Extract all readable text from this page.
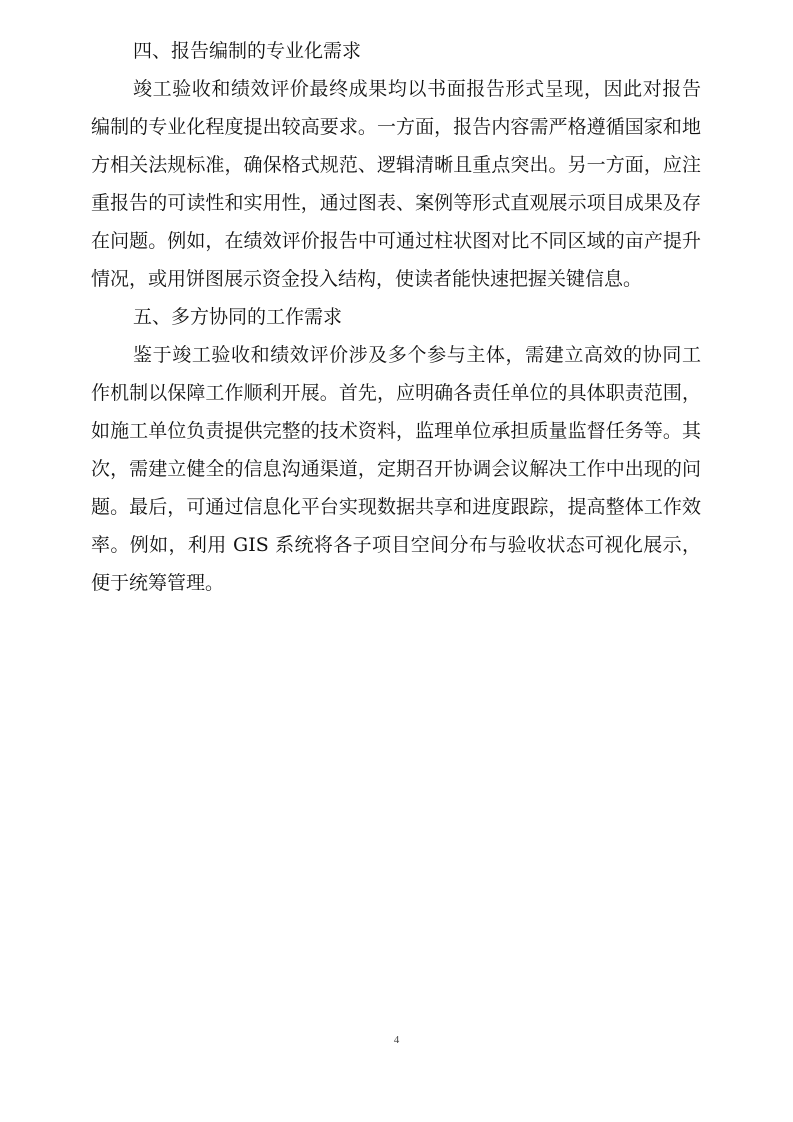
四、报告编制的专业化需求

竣工验收和绩效评价最终成果均以书面报告形式呈现，因此对报告编制的专业化程度提出较高要求。一方面，报告内容需严格遵循国家和地方相关法规标准，确保格式规范、逻辑清晰且重点突出。另一方面，应注重报告的可读性和实用性，通过图表、案例等形式直观展示项目成果及存在问题。例如，在绩效评价报告中可通过柱状图对比不同区域的亩产提升情况，或用饼图展示资金投入结构，使读者能快速把握关键信息。

五、多方协同的工作需求

鉴于竣工验收和绩效评价涉及多个参与主体，需建立高效的协同工作机制以保障工作顺利开展。首先，应明确各责任单位的具体职责范围，如施工单位负责提供完整的技术资料，监理单位承担质量监督任务等。其次，需建立健全的信息沟通渠道，定期召开协调会议解决工作中出现的问题。最后，可通过信息化平台实现数据共享和进度跟踪，提高整体工作效率。例如，利用 GIS 系统将各子项目空间分布与验收状态可视化展示，便于统筹管理。

4
